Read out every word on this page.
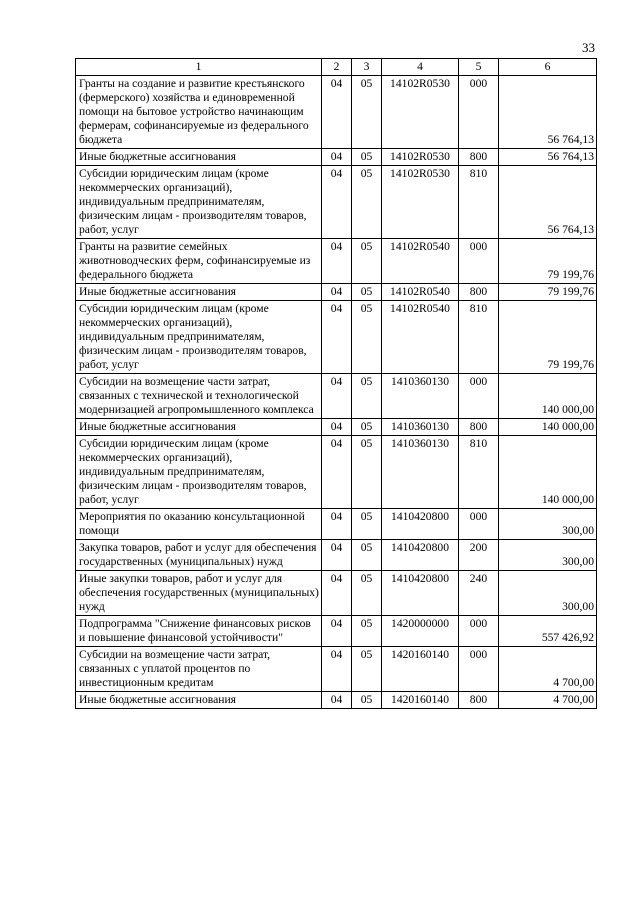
33
1	2	3	4	5	6
Гранты на создание и развитие крестьянского (фермерского) хозяйства и единовременной помощи на бытовое устройство начинающим фермерам, софинансируемые из федерального бюджета	04	05	14102R0530	000	56 764,13
Иные бюджетные ассигнования	04	05	14102R0530	800	56 764,13
Субсидии юридическим лицам (кроме некоммерческих организаций), индивидуальным предпринимателям, физическим лицам - производителям товаров, работ, услуг	04	05	14102R0530	810	56 764,13
Гранты на развитие семейных животноводческих ферм, софинансируемые из федерального бюджета	04	05	14102R0540	000	79 199,76
Иные бюджетные ассигнования	04	05	14102R0540	800	79 199,76
Субсидии юридическим лицам (кроме некоммерческих организаций), индивидуальным предпринимателям, физическим лицам - производителям товаров, работ, услуг	04	05	14102R0540	810	79 199,76
Субсидии на возмещение части затрат, связанных с технической и технологической модернизацией агропромышленного комплекса	04	05	1410360130	000	140 000,00
Иные бюджетные ассигнования	04	05	1410360130	800	140 000,00
Субсидии юридическим лицам (кроме некоммерческих организаций), индивидуальным предпринимателям, физическим лицам - производителям товаров, работ, услуг	04	05	1410360130	810	140 000,00
Мероприятия по оказанию консультационной помощи	04	05	1410420800	000	300,00
Закупка товаров, работ и услуг для обеспечения государственных (муниципальных) нужд	04	05	1410420800	200	300,00
Иные закупки товаров, работ и услуг для обеспечения государственных (муниципальных) нужд	04	05	1410420800	240	300,00
Подпрограмма "Снижение финансовых рисков и повышение финансовой устойчивости"	04	05	1420000000	000	557 426,92
Субсидии на возмещение части затрат, связанных с уплатой процентов по инвестиционным кредитам	04	05	1420160140	000	4 700,00
Иные бюджетные ассигнования	04	05	1420160140	800	4 700,00
